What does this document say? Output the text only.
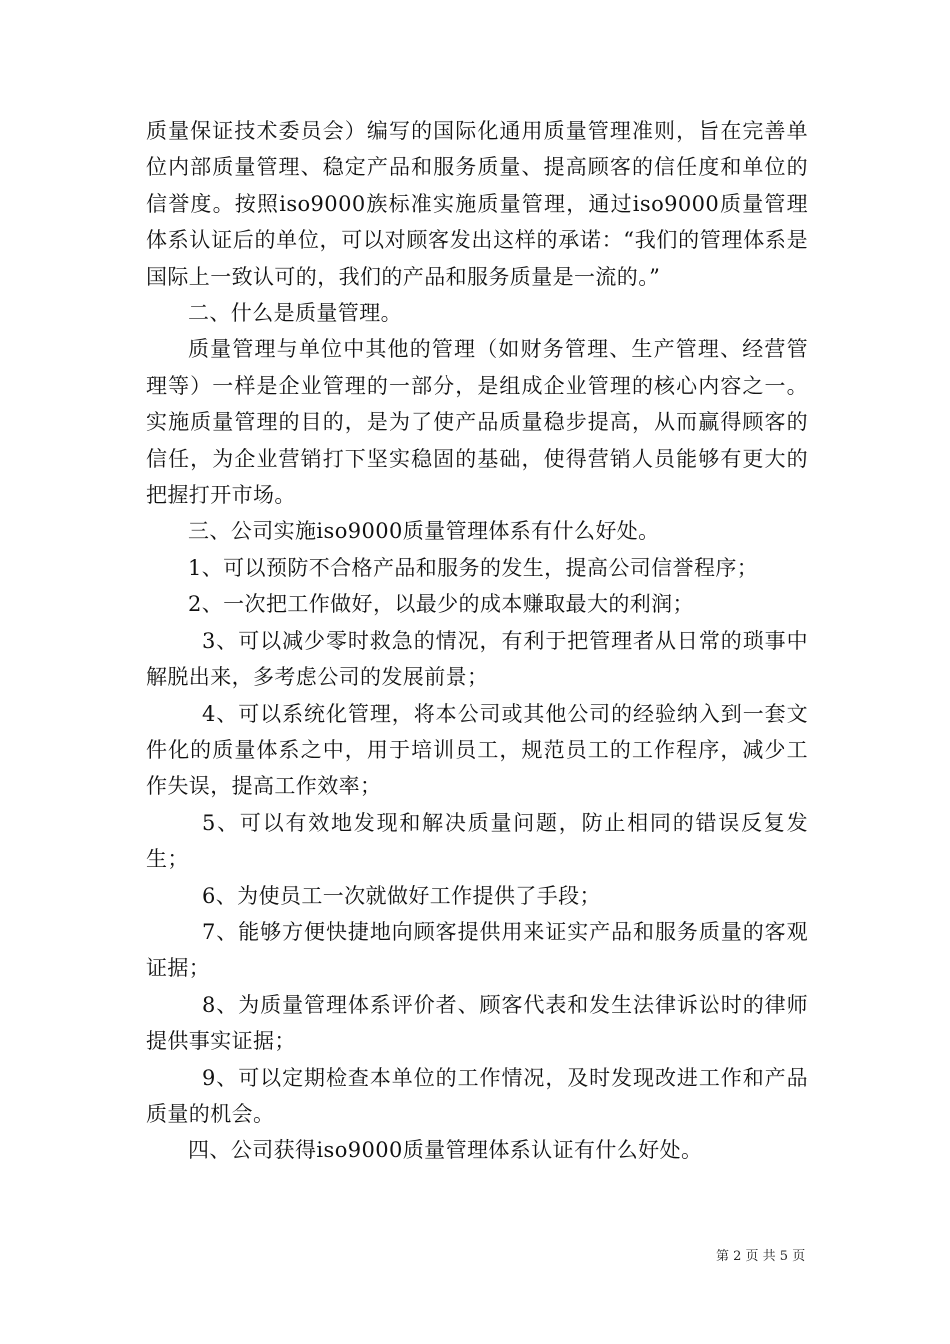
质量保证技术委员会）编写的国际化通用质量管理准则，旨在完善单位内部质量管理、稳定产品和服务质量、提高顾客的信任度和单位的信誉度。按照iso9000族标准实施质量管理，通过iso9000质量管理体系认证后的单位，可以对顾客发出这样的承诺：“我们的管理体系是国际上一致认可的，我们的产品和服务质量是一流的。”

二、什么是质量管理。

质量管理与单位中其他的管理（如财务管理、生产管理、经营管理等）一样是企业管理的一部分，是组成企业管理的核心内容之一。实施质量管理的目的，是为了使产品质量稳步提高，从而赢得顾客的信任，为企业营销打下坚实稳固的基础，使得营销人员能够有更大的把握打开市场。

三、公司实施iso9000质量管理体系有什么好处。

1、可以预防不合格产品和服务的发生，提高公司信誉程序；

2、一次把工作做好，以最少的成本赚取最大的利润；

3、可以减少零时救急的情况，有利于把管理者从日常的琐事中解脱出来，多考虑公司的发展前景；

4、可以系统化管理，将本公司或其他公司的经验纳入到一套文件化的质量体系之中，用于培训员工，规范员工的工作程序，减少工作失误，提高工作效率；

5、可以有效地发现和解决质量问题，防止相同的错误反复发生；

6、为使员工一次就做好工作提供了手段；

7、能够方便快捷地向顾客提供用来证实产品和服务质量的客观证据；

8、为质量管理体系评价者、顾客代表和发生法律诉讼时的律师提供事实证据；

9、可以定期检查本单位的工作情况，及时发现改进工作和产品质量的机会。

四、公司获得iso9000质量管理体系认证有什么好处。

第 2 页 共 5 页
